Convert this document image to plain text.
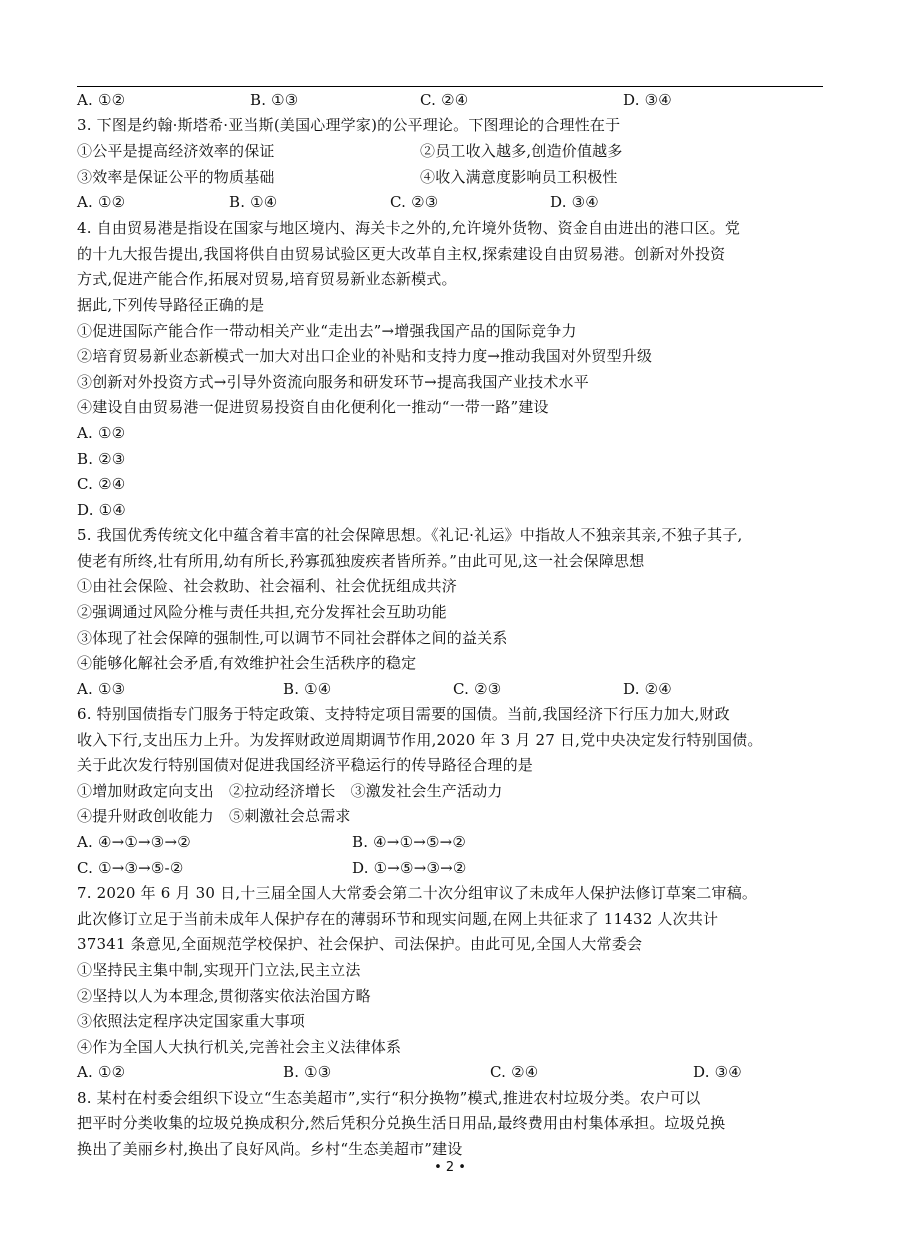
A. ①②	B. ①③	C. ②④	D. ③④
3. 下图是约翰·斯塔希·亚当斯(美国心理学家)的公平理论。下图理论的合理性在于
①公平是提高经济效率的保证	②员工收入越多,创造价值越多
③效率是保证公平的物质基础	④收入满意度影响员工积极性
A. ①②	B. ①④	C. ②③	D. ③④
4. 自由贸易港是指设在国家与地区境内、海关卡之外的,允许境外货物、资金自由进出的港口区。党
的十九大报告提出,我国将供自由贸易试验区更大改革自主权,探索建设自由贸易港。创新对外投资
方式,促进产能合作,拓展对贸易,培育贸易新业态新模式。
据此,下列传导路径正确的是
①促进国际产能合作一带动相关产业“走出去”→增强我国产品的国际竞争力
②培育贸易新业态新模式一加大对出口企业的补贴和支持力度→推动我国对外贸型升级
③创新对外投资方式→引导外资流向服务和研发环节→提高我国产业技术水平
④建设自由贸易港一促进贸易投资自由化便利化一推动“一带一路”建设
A. ①②
B. ②③
C. ②④
D. ①④
5. 我国优秀传统文化中蕴含着丰富的社会保障思想。《礼记·礼运》中指故人不独亲其亲,不独子其子,
使老有所终,壮有所用,幼有所长,矜寡孤独废疾者皆所养。”由此可见,这一社会保障思想
①由社会保险、社会救助、社会福利、社会优抚组成共济
②强调通过风险分椎与责任共担,充分发挥社会互助功能
③体现了社会保障的强制性,可以调节不同社会群体之间的益关系
④能够化解社会矛盾,有效维护社会生活秩序的稳定
A. ①③	B. ①④	C. ②③	D. ②④
6. 特别国债指专门服务于特定政策、支持特定项目需要的国债。当前,我国经济下行压力加大,财政
收入下行,支出压力上升。为发挥财政逆周期调节作用,2020 年 3 月 27 日,党中央决定发行特别国债。
关于此次发行特别国债对促进我国经济平稳运行的传导路径合理的是
①增加财政定向支出　②拉动经济增长　③激发社会生产活动力
④提升财政创收能力　⑤刺激社会总需求
A. ④→①→③→②	B. ④→①→⑤→②
C. ①→③→⑤-②	D. ①→⑤→③→②
7. 2020 年 6 月 30 日,十三届全国人大常委会第二十次分组审议了未成年人保护法修订草案二审稿。
此次修订立足于当前未成年人保护存在的薄弱环节和现实问题,在网上共征求了 11432 人次共计
37341 条意见,全面规范学校保护、社会保护、司法保护。由此可见,全国人大常委会
①坚持民主集中制,实现开门立法,民主立法
②坚持以人为本理念,贯彻落实依法治国方略
③依照法定程序决定国家重大事项
④作为全国人大执行机关,完善社会主义法律体系
A. ①②	B. ①③	C. ②④	D. ③④
8. 某村在村委会组织下设立“生态美超市”,实行“积分换物”模式,推进农村垃圾分类。农户可以
把平时分类收集的垃圾兑换成积分,然后凭积分兑换生活日用品,最终费用由村集体承担。垃圾兑换
换出了美丽乡村,换出了良好风尚。乡村“生态美超市”建设
• 2 •
